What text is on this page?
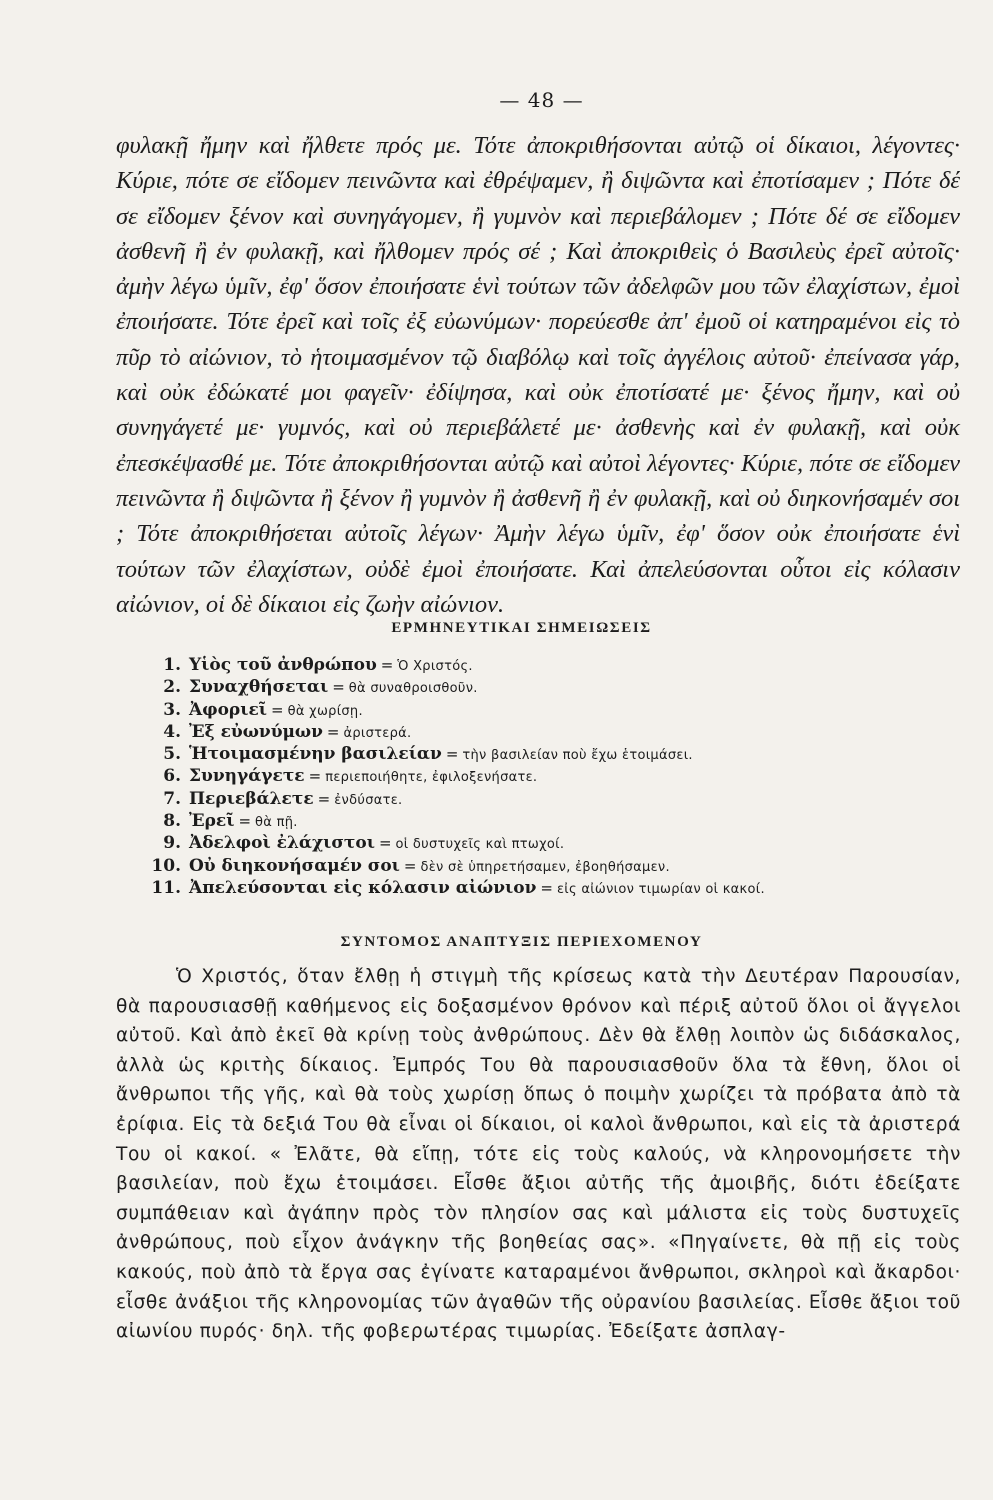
— 48 —

φυλακῇ ἤμην καὶ ἤλθετε πρός με. Τότε ἀποκριθήσονται αὐτῷ οἱ δίκαιοι, λέγοντες· Κύριε, πότε σε εἴδομεν πεινῶντα καὶ ἐθρέψαμεν, ἢ διψῶντα καὶ ἐποτίσαμεν ; Πότε δέ σε εἴδομεν ξένον καὶ συνηγάγομεν, ἢ γυμνὸν καὶ περιεβάλομεν ; Πότε δέ σε εἴδομεν ἀσθενῆ ἢ ἐν φυλακῇ, καὶ ἤλθομεν πρός σέ ; Καὶ ἀποκριθεὶς ὁ Βασιλεὺς ἐρεῖ αὐτοῖς· ἀμὴν λέγω ὑμῖν, ἐφ' ὅσον ἐποιήσατε ἑνὶ τούτων τῶν ἀδελφῶν μου τῶν ἐλαχίστων, ἐμοὶ ἐποιήσατε. Τότε ἐρεῖ καὶ τοῖς ἐξ εὐωνύμων· πορεύεσθε ἀπ' ἐμοῦ οἱ κατηραμένοι εἰς τὸ πῦρ τὸ αἰώνιον, τὸ ἡτοιμασμένον τῷ διαβόλῳ καὶ τοῖς ἀγγέλοις αὐτοῦ· ἐπείνασα γάρ, καὶ οὐκ ἐδώκατέ μοι φαγεῖν· ἐδίψησα, καὶ οὐκ ἐποτίσατέ με· ξένος ἤμην, καὶ οὐ συνηγάγετέ με· γυμνός, καὶ οὐ περιεβάλετέ με· ἀσθενὴς καὶ ἐν φυλακῇ, καὶ οὐκ ἐπεσκέψασθέ με. Τότε ἀποκριθήσονται αὐτῷ καὶ αὐτοὶ λέγοντες· Κύριε, πότε σε εἴδομεν πεινῶντα ἢ διψῶντα ἢ ξένον ἢ γυμνὸν ἢ ἀσθενῆ ἢ ἐν φυλακῇ, καὶ οὐ διηκονήσαμέν σοι ; Τότε ἀποκριθήσεται αὐτοῖς λέγων· Ἀμὴν λέγω ὑμῖν, ἐφ' ὅσον οὐκ ἐποιήσατε ἑνὶ τούτων τῶν ἐλαχίστων, οὐδὲ ἐμοὶ ἐποιήσατε. Καὶ ἀπελεύσονται οὗτοι εἰς κόλασιν αἰώνιον, οἱ δὲ δίκαιοι εἰς ζωὴν αἰώνιον.

ΕΡΜΗΝΕΥΤΙΚΑΙ ΣΗΜΕΙΩΣΕΙΣ
1. Υἱὸς τοῦ ἀνθρώπου = Ὁ Χριστός.
2. Συναχθήσεται = θὰ συναθροισθοῦν.
3. Ἀφοριεῖ = θὰ χωρίσῃ.
4. Ἐξ εὐωνύμων = ἀριστερά.
5. Ἡτοιμασμένην βασιλείαν = τὴν βασιλείαν ποὺ ἔχω ἑτοιμάσει.
6. Συνηγάγετε = περιεποιήθητε, ἐφιλοξενήσατε.
7. Περιεβάλετε = ἐνδύσατε.
8. Ἐρεῖ = θὰ πῇ.
9. Ἀδελφοὶ ἐλάχιστοι = οἱ δυστυχεῖς καὶ πτωχοί.
10. Οὐ διηκονήσαμέν σοι = δὲν σὲ ὑπηρετήσαμεν, ἐβοηθήσαμεν.
11. Ἀπελεύσονται εἰς κόλασιν αἰώνιον = εἰς αἰώνιον τιμωρίαν οἱ κακοί.
ΣΥΝΤΟΜΟΣ ΑΝΑΠΤΥΞΙΣ ΠΕΡΙΕΧΟΜΕΝΟΥ

Ὁ Χριστός, ὅταν ἔλθῃ ἡ στιγμὴ τῆς κρίσεως κατὰ τὴν Δευτέραν Παρουσίαν, θὰ παρουσιασθῇ καθήμενος εἰς δοξασμένον θρόνον καὶ πέριξ αὐτοῦ ὅλοι οἱ ἄγγελοι αὐτοῦ. Καὶ ἀπὸ ἐκεῖ θὰ κρίνῃ τοὺς ἀνθρώπους. Δὲν θὰ ἔλθῃ λοιπὸν ὡς διδάσκαλος, ἀλλὰ ὡς κριτὴς δίκαιος. Ἐμπρός Του θὰ παρουσιασθοῦν ὅλα τὰ ἔθνη, ὅλοι οἱ ἄνθρωποι τῆς γῆς, καὶ θὰ τοὺς χωρίσῃ ὅπως ὁ ποιμὴν χωρίζει τὰ πρόβατα ἀπὸ τὰ ἐρίφια. Εἰς τὰ δεξιά Του θὰ εἶναι οἱ δίκαιοι, οἱ καλοὶ ἄνθρωποι, καὶ εἰς τὰ ἀριστερά Του οἱ κακοί. « Ἐλᾶτε, θὰ εἴπῃ, τότε εἰς τοὺς καλούς, νὰ κληρονομήσετε τὴν βασιλείαν, ποὺ ἔχω ἑτοιμάσει. Εἶσθε ἄξιοι αὐτῆς τῆς ἀμοιβῆς, διότι ἐδείξατε συμπάθειαν καὶ ἀγάπην πρὸς τὸν πλησίον σας καὶ μάλιστα εἰς τοὺς δυστυχεῖς ἀνθρώπους, ποὺ εἶχον ἀνάγκην τῆς βοηθείας σας». «Πηγαίνετε, θὰ πῇ εἰς τοὺς κακούς, ποὺ ἀπὸ τὰ ἔργα σας ἐγίνατε καταραμένοι ἄνθρωποι, σκληροὶ καὶ ἄκαρδοι· εἶσθε ἀνάξιοι τῆς κληρονομίας τῶν ἀγαθῶν τῆς οὐρανίου βασιλείας. Εἶσθε ἄξιοι τοῦ αἰωνίου πυρός· δηλ. τῆς φοβερωτέρας τιμωρίας. Ἐδείξατε ἀσπλαγ-
